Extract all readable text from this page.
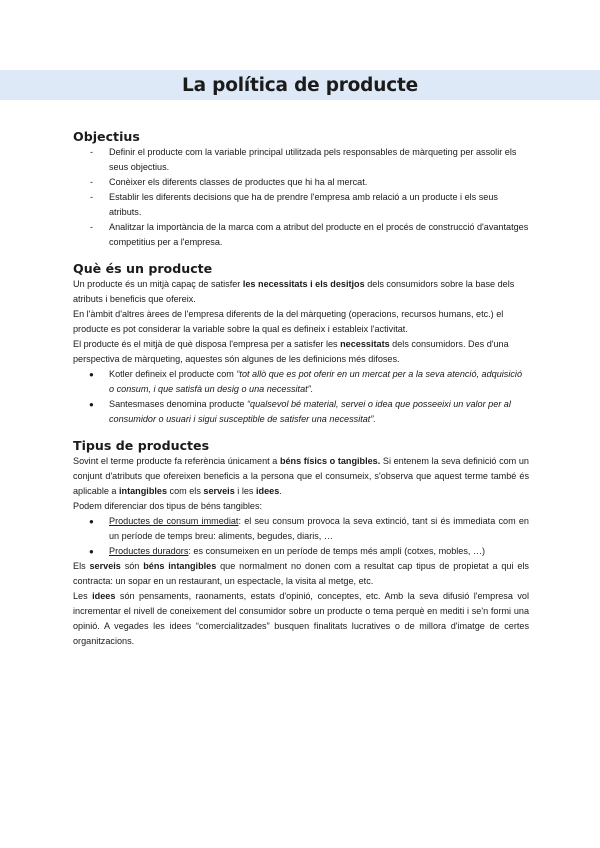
La política de producte
Objectius
- Definir el producte com la variable principal utilitzada pels responsables de màrqueting per assolir els seus objectius.
- Conèixer els diferents classes de productes que hi ha al mercat.
- Establir les diferents decisions que ha de prendre l'empresa amb relació a un producte i els seus atributs.
- Analitzar la importància de la marca com a atribut del producte en el procés de construcció d'avantatges competitius per a l'empresa.
Què és un producte

Un producte és un mitjà capaç de satisfer les necessitats i els desitjos dels consumidors sobre la base dels atributs i beneficis que ofereix.

En l'àmbit d'altres àrees de l'empresa diferents de la del màrqueting (operacions, recursos humans, etc.) el producte es pot considerar la variable sobre la qual es defineix i estableix l'activitat.

El producte és el mitjà de què disposa l'empresa per a satisfer les necessitats dels consumidors. Des d'una perspectiva de màrqueting, aquestes són algunes de les definicions més difoses.

● Kotler defineix el producte com “tot allò que es pot oferir en un mercat per a la seva atenció, adquisició o consum, i que satisfà un desig o una necessitat”.
● Santesmases denomina producte “qualsevol bé material, servei o idea que posseeixi un valor per al consumidor o usuari i sigui susceptible de satisfer una necessitat”.
Tipus de productes

Sovint el terme producte fa referència únicament a béns físics o tangibles. Si entenem la seva definició com un conjunt d'atributs que ofereixen beneficis a la persona que el consumeix, s'observa que aquest terme també és aplicable a intangibles com els serveis i les idees.

Podem diferenciar dos tipus de béns tangibles:

● Productes de consum immediat: el seu consum provoca la seva extinció, tant si és immediata com en un període de temps breu: aliments, begudes, diaris, …
● Productes duradors: es consumeixen en un període de temps més ampli (cotxes, mobles, …)

Els serveis són béns intangibles que normalment no donen com a resultat cap tipus de propietat a qui els contracta: un sopar en un restaurant, un espectacle, la visita al metge, etc.

Les idees són pensaments, raonaments, estats d'opinió, conceptes, etc. Amb la seva difusió l'empresa vol incrementar el nivell de coneixement del consumidor sobre un producte o tema perquè en mediti i se'n formi una opinió. A vegades les idees “comercialitzades” busquen finalitats lucratives o de millora d'imatge de certes organitzacions.
